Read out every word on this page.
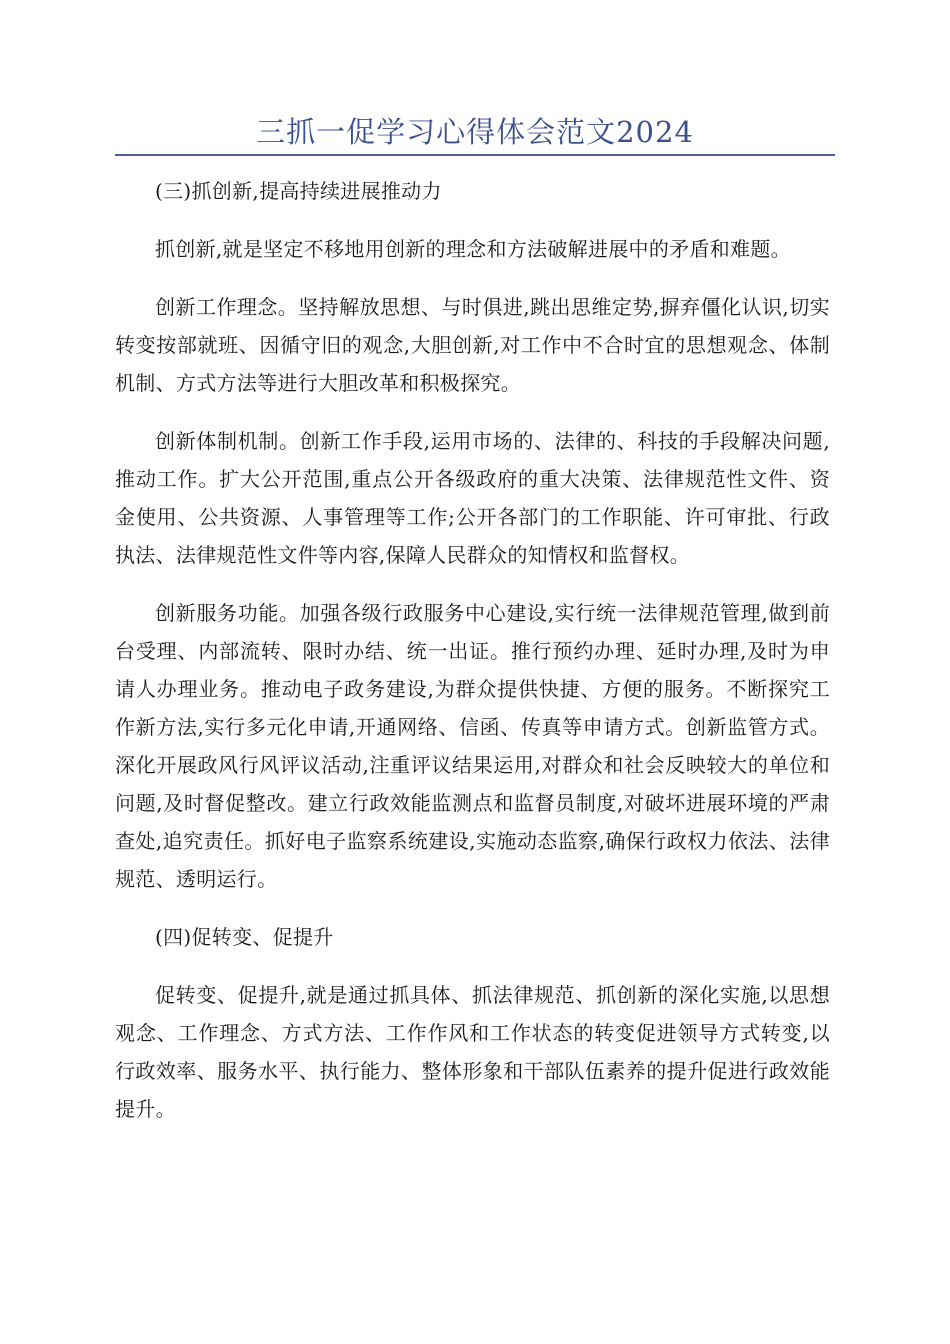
三抓一促学习心得体会范文2024

(三)抓创新,提高持续进展推动力

抓创新,就是坚定不移地用创新的理念和方法破解进展中的矛盾和难题。

创新工作理念。坚持解放思想、与时俱进,跳出思维定势,摒弃僵化认识,切实转变按部就班、因循守旧的观念,大胆创新,对工作中不合时宜的思想观念、体制机制、方式方法等进行大胆改革和积极探究。

创新体制机制。创新工作手段,运用市场的、法律的、科技的手段解决问题,推动工作。扩大公开范围,重点公开各级政府的重大决策、法律规范性文件、资金使用、公共资源、人事管理等工作;公开各部门的工作职能、许可审批、行政执法、法律规范性文件等内容,保障人民群众的知情权和监督权。

创新服务功能。加强各级行政服务中心建设,实行统一法律规范管理,做到前台受理、内部流转、限时办结、统一出证。推行预约办理、延时办理,及时为申请人办理业务。推动电子政务建设,为群众提供快捷、方便的服务。不断探究工作新方法,实行多元化申请,开通网络、信函、传真等申请方式。创新监管方式。深化开展政风行风评议活动,注重评议结果运用,对群众和社会反映较大的单位和问题,及时督促整改。建立行政效能监测点和监督员制度,对破坏进展环境的严肃查处,追究责任。抓好电子监察系统建设,实施动态监察,确保行政权力依法、法律规范、透明运行。

(四)促转变、促提升

促转变、促提升,就是通过抓具体、抓法律规范、抓创新的深化实施,以思想观念、工作理念、方式方法、工作作风和工作状态的转变促进领导方式转变,以行政效率、服务水平、执行能力、整体形象和干部队伍素养的提升促进行政效能提升。
